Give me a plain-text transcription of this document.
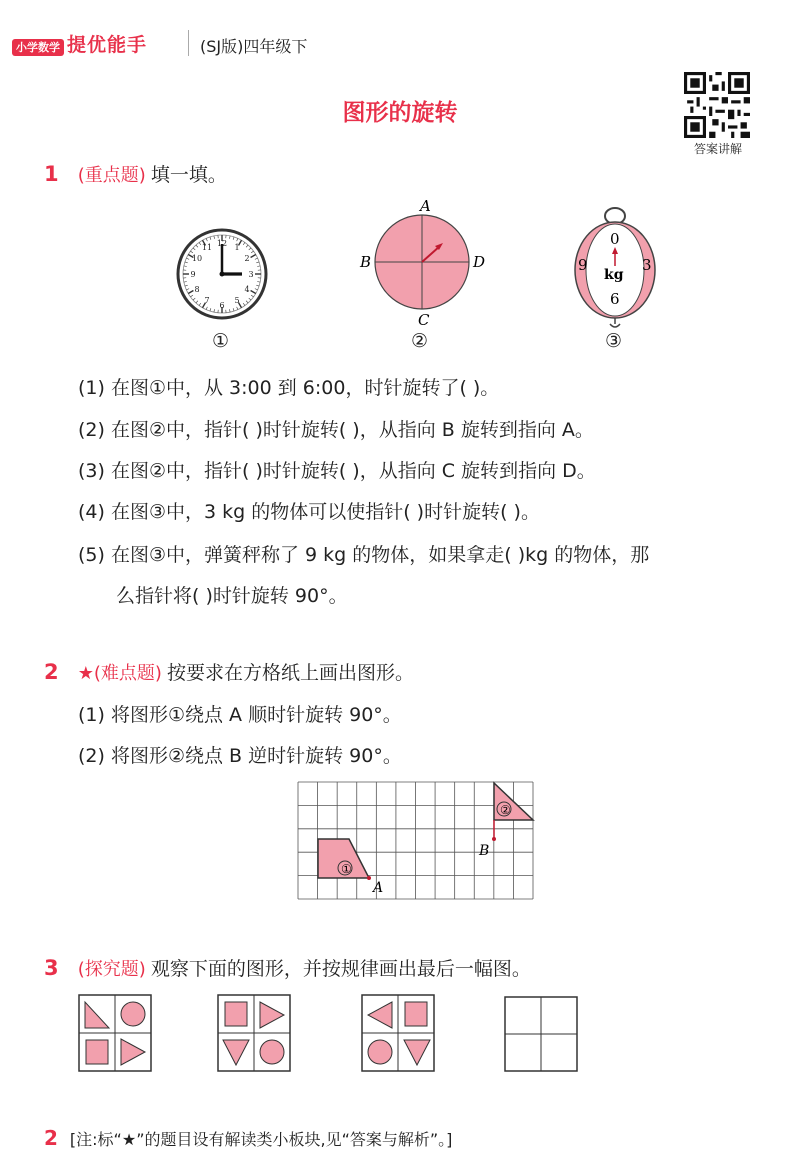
小学数学 提优能手	(SJ版)四年级下
图形的旋转
答案讲解
1 (重点题) 填一填。
12 1
2
3
4
5
6
7
8
9
10
11
①
A
B	D
C
②
0
9	3
6
kg
③
(1) 在图①中，从 3:00 到 6:00，时针旋转了( )。
(2) 在图②中，指针( )时针旋转( )，从指向 B 旋转到指向 A。
(3) 在图②中，指针( )时针旋转( )，从指向 C 旋转到指向 D。
(4) 在图③中，3 kg 的物体可以使指针( )时针旋转( )。
(5) 在图③中，弹簧秤称了 9 kg 的物体，如果拿走( )kg 的物体，那
么指针将( )时针旋转 90°。
2 ★(难点题) 按要求在方格纸上画出图形。
(1) 将图形①绕点 A 顺时针旋转 90°。
(2) 将图形②绕点 B 逆时针旋转 90°。
①
②
A
B
3 (探究题) 观察下面的图形，并按规律画出最后一幅图。
2 [注:标“★”的题目设有解读类小板块,见“答案与解析”。]
